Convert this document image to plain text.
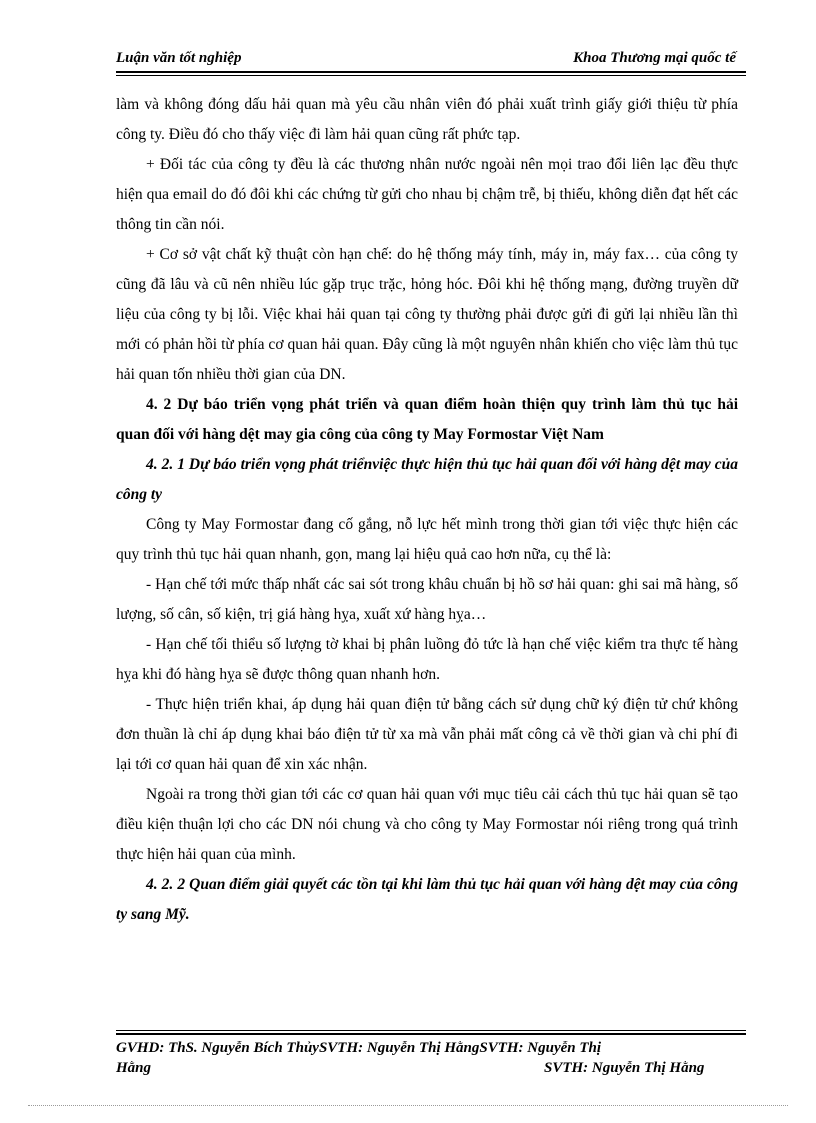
Luận văn tốt nghiệp	Khoa Thương mại quốc tế

làm và không đóng dấu hải quan mà yêu cầu nhân viên đó phải xuất trình giấy giới thiệu từ phía công ty. Điều đó cho thấy việc đi làm hải quan cũng rất phức tạp.

+ Đối tác của công ty đều là các thương nhân nước ngoài nên mọi trao đổi liên lạc đều thực hiện qua email do đó đôi khi các chứng từ gửi cho nhau bị chậm trễ, bị thiếu, không diễn đạt hết các thông tin cần nói.

+ Cơ sở vật chất kỹ thuật còn hạn chế: do hệ thống máy tính, máy in, máy fax… của công ty cũng đã lâu và cũ nên nhiều lúc gặp trục trặc, hỏng hóc. Đôi khi hệ thống mạng, đường truyền dữ liệu của công ty bị lỗi. Việc khai hải quan tại công ty thường phải được gửi đi gửi lại nhiều lần thì mới có phản hồi từ phía cơ quan hải quan. Đây cũng là một nguyên nhân khiến cho việc làm thủ tục hải quan tốn nhiều thời gian của DN.

4. 2 Dự báo triển vọng phát triển và quan điểm hoàn thiện quy trình làm thủ tục hải quan đối với hàng dệt may gia công của công ty May Formostar Việt Nam

4. 2. 1 Dự báo triển vọng phát triểnviệc thực hiện thủ tục hải quan đối với hàng dệt may của công ty

Công ty May Formostar đang cố gắng, nỗ lực hết mình trong thời gian tới việc thực hiện các quy trình thủ tục hải quan nhanh, gọn, mang lại hiệu quả cao hơn nữa, cụ thể là:

- Hạn chế tới mức thấp nhất các sai sót trong khâu chuẩn bị hồ sơ hải quan: ghi sai mã hàng, số lượng, số cân, số kiện, trị giá hàng hỵa, xuất xứ hàng hỵa…

- Hạn chế tối thiểu số lượng tờ khai bị phân luồng đỏ tức là hạn chế việc kiểm tra thực tế hàng hỵa khi đó hàng hỵa sẽ được thông quan nhanh hơn.

- Thực hiện triển khai, áp dụng hải quan điện tử bằng cách sử dụng chữ ký điện tử chứ không đơn thuần là chỉ áp dụng khai báo điện tử từ xa mà vẫn phải mất công cả về thời gian và chi phí đi lại tới cơ quan hải quan để xin xác nhận.

Ngoài ra trong thời gian tới các cơ quan hải quan với mục tiêu cải cách thủ tục hải quan sẽ tạo điều kiện thuận lợi cho các DN nói chung và cho công ty May Formostar nói riêng trong quá trình thực hiện hải quan của mình.

4. 2. 2 Quan điểm giải quyết các tồn tại khi làm thủ tục hải quan với hàng dệt may của công ty sang Mỹ.

GVHD: ThS. Nguyễn Bích ThủySVTH: Nguyễn Thị HằngSVTH: Nguyễn Thị
Hằng	SVTH: Nguyễn Thị Hằng
